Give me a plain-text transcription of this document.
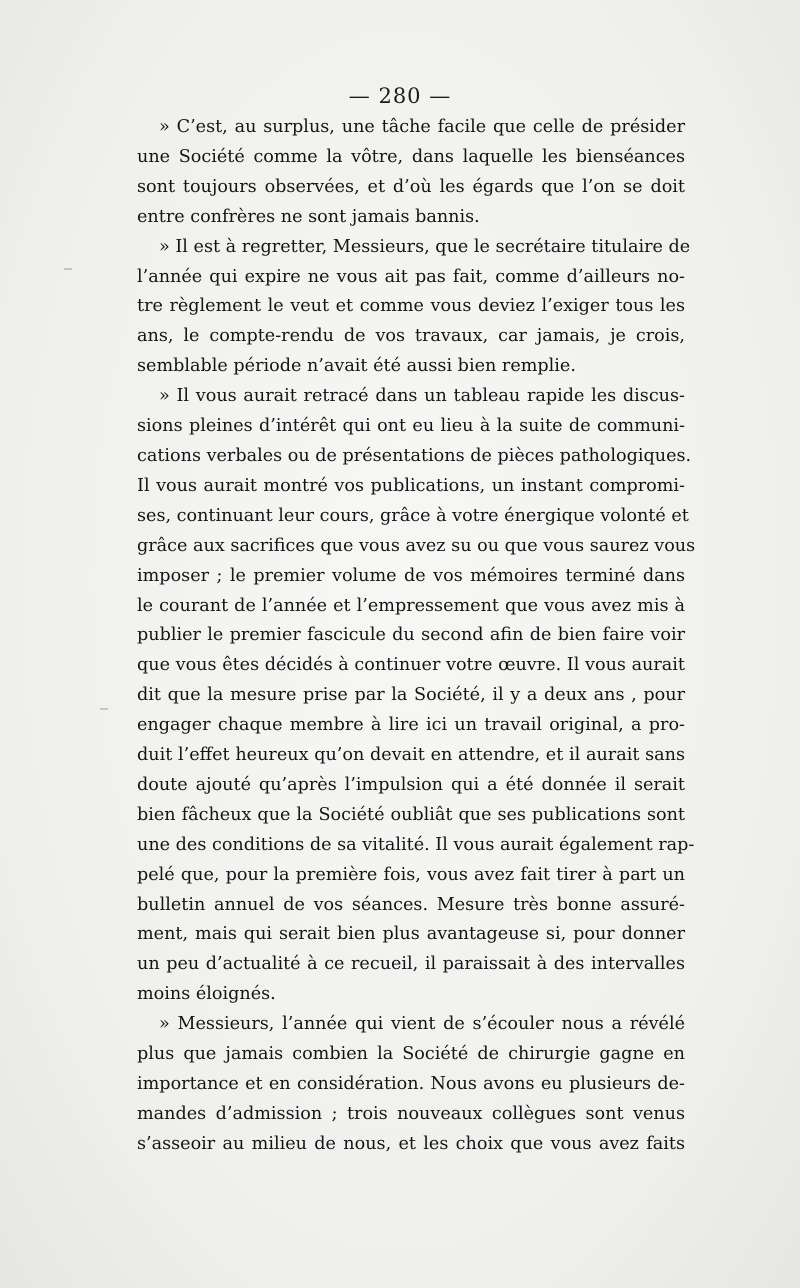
— 280 —
» C’est, au surplus, une tâche facile que celle de présider
une Société comme la vôtre, dans laquelle les bienséances
sont toujours observées, et d’où les égards que l’on se doit
entre confrères ne sont jamais bannis.
» Il est à regretter, Messieurs, que le secrétaire titulaire de
l’année qui expire ne vous ait pas fait, comme d’ailleurs no-
tre règlement le veut et comme vous deviez l’exiger tous les
ans, le compte-rendu de vos travaux, car jamais, je crois,
semblable période n’avait été aussi bien remplie.
» Il vous aurait retracé dans un tableau rapide les discus-
sions pleines d’intérêt qui ont eu lieu à la suite de communi-
cations verbales ou de présentations de pièces pathologiques.
Il vous aurait montré vos publications, un instant compromi-
ses, continuant leur cours, grâce à votre énergique volonté et
grâce aux sacrifices que vous avez su ou que vous saurez vous
imposer ; le premier volume de vos mémoires terminé dans
le courant de l’année et l’empressement que vous avez mis à
publier le premier fascicule du second afin de bien faire voir
que vous êtes décidés à continuer votre œuvre. Il vous aurait
dit que la mesure prise par la Société, il y a deux ans , pour
engager chaque membre à lire ici un travail original, a pro-
duit l’effet heureux qu’on devait en attendre, et il aurait sans
doute ajouté qu’après l’impulsion qui a été donnée il serait
bien fâcheux que la Société oubliât que ses publications sont
une des conditions de sa vitalité. Il vous aurait également rap-
pelé que, pour la première fois, vous avez fait tirer à part un
bulletin annuel de vos séances. Mesure très bonne assuré-
ment, mais qui serait bien plus avantageuse si, pour donner
un peu d’actualité à ce recueil, il paraissait à des intervalles
moins éloignés.
» Messieurs, l’année qui vient de s’écouler nous a révélé
plus que jamais combien la Société de chirurgie gagne en
importance et en considération. Nous avons eu plusieurs de-
mandes d’admission ; trois nouveaux collègues sont venus
s’asseoir au milieu de nous, et les choix que vous avez faits
